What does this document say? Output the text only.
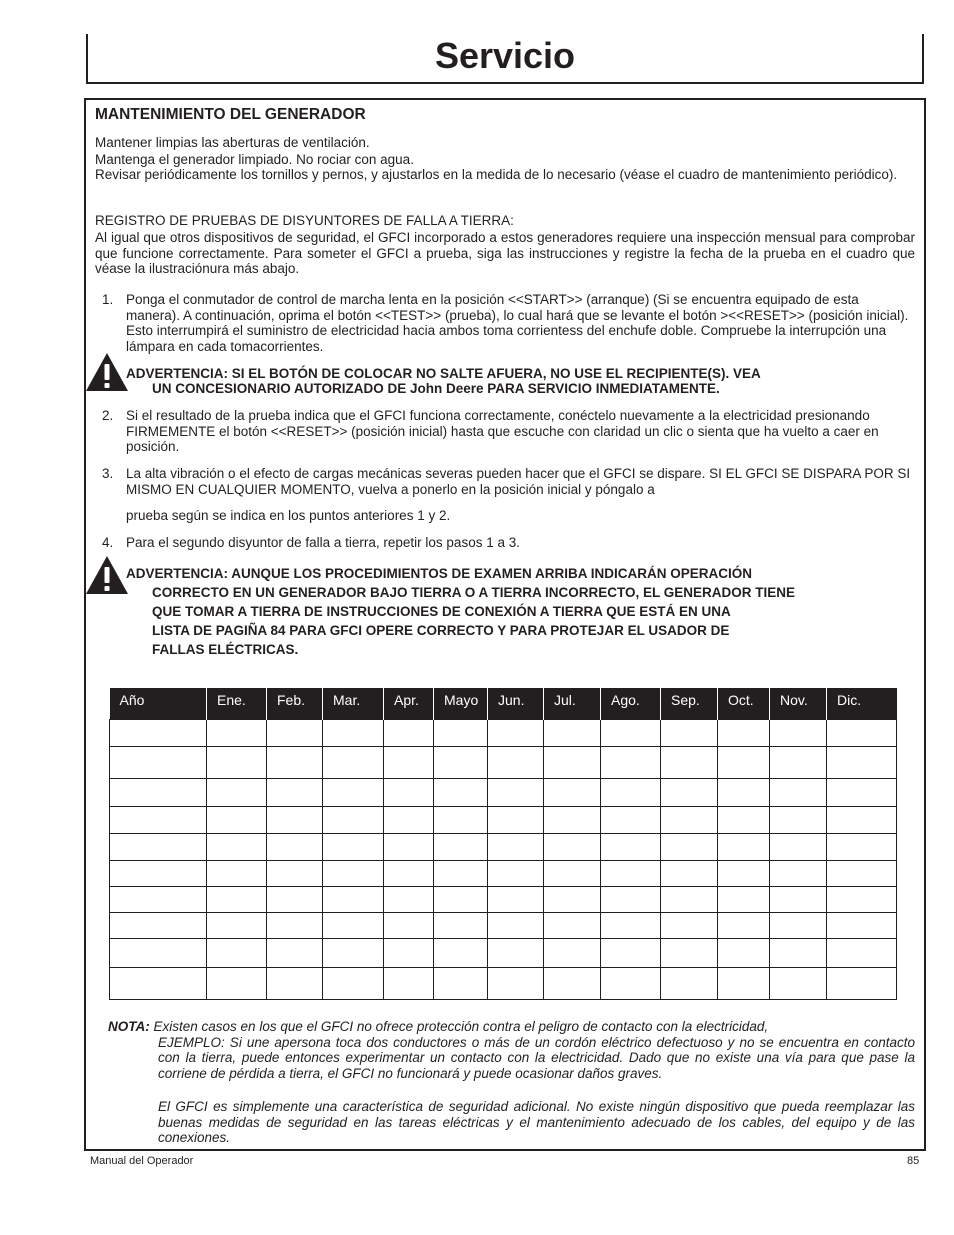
Servicio
MANTENIMIENTO DEL GENERADOR

Mantener limpias las aberturas de ventilación.

Mantenga el generador limpiado. No rociar con agua.

Revisar periódicamente los tornillos y pernos, y ajustarlos en la medida de lo necesario (véase el cuadro de mantenimiento periódico).

REGISTRO DE PRUEBAS DE DISYUNTORES DE FALLA A TIERRA:

Al igual que otros dispositivos de seguridad, el GFCI incorporado a estos generadores requiere una inspección mensual para comprobar que funcione correctamente. Para someter el GFCI a prueba, siga las instrucciones y registre la fecha de la prueba en el cuadro que véase la ilustraciónura más abajo.

1. Ponga el conmutador de control de marcha lenta en la posición <<START>> (arranque) (Si se encuentra equipado de esta manera). A continuación, oprima el botón <<TEST>> (prueba), lo cual hará que se levante el botón ><<RESET>> (posición inicial). Esto interrumpirá el suministro de electricidad hacia ambos toma corrientess del enchufe doble. Compruebe la interrupción una lámpara en cada tomacorrientes.

ADVERTENCIA: SI EL BOTÓN DE COLOCAR NO SALTE AFUERA, NO USE EL RECIPIENTE(S). VEA
UN CONCESIONARIO AUTORIZADO DE John Deere PARA SERVICIO INMEDIATAMENTE.
2. Si el resultado de la prueba indica que el GFCI funciona correctamente, conéctelo nuevamente a la electricidad presionando FIRMEMENTE el botón <<RESET>> (posición inicial) hasta que escuche con claridad un clic o sienta que ha vuelto a caer en posición.

3. La alta vibración o el efecto de cargas mecánicas severas pueden hacer que el GFCI se dispare. SI EL GFCI SE DISPARA POR SI MISMO EN CUALQUIER MOMENTO, vuelva a ponerlo en la posición inicial y póngalo a

prueba según se indica en los puntos anteriores 1 y 2.

4. Para el segundo disyuntor de falla a tierra, repetir los pasos 1 a 3.

ADVERTENCIA: AUNQUE LOS PROCEDIMIENTOS DE EXAMEN ARRIBA INDICARÁN OPERACIÓN
CORRECTO EN UN GENERADOR BAJO TIERRA O A TIERRA INCORRECTO, EL GENERADOR TIENE
QUE TOMAR A TIERRA DE INSTRUCCIONES DE CONEXIÓN A TIERRA QUE ESTÁ EN UNA
LISTA DE PAGIÑA 84 PARA GFCI OPERE CORRECTO Y PARA PROTEJAR EL USADOR DE
FALLAS ELÉCTRICAS.
Año	Ene.	Feb.	Mar.	Apr.	Mayo	Jun.	Jul.	Ago.	Sep.	Oct.	Nov.	Dic.

NOTA: Existen casos en los que el GFCI no ofrece protección contra el peligro de contacto con la electricidad,

EJEMPLO: Si une apersona toca dos conductores o más de un cordón eléctrico defectuoso y no se encuentra en contacto con la tierra, puede entonces experimentar un contacto con la electricidad. Dado que no existe una vía para que pase la corriene de pérdida a tierra, el GFCI no funcionará y puede ocasionar daños graves.

El GFCI es simplemente una característica de seguridad adicional. No existe ningún dispositivo que pueda reemplazar las buenas medidas de seguridad en las tareas eléctricas y el mantenimiento adecuado de los cables, del equipo y de las conexiones.

Manual del Operador	85
